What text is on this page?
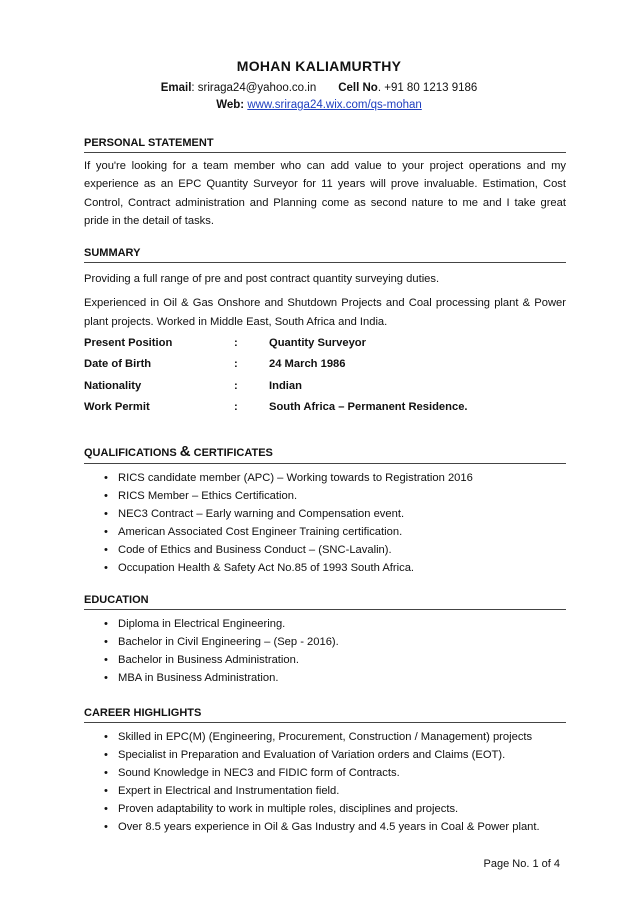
MOHAN KALIAMURTHY
Email: sriraga24@yahoo.co.in Cell No. +91 80 1213 9186
Web: www.sriraga24.wix.com/qs-mohan
PERSONAL STATEMENT
If you're looking for a team member who can add value to your project operations and my experience as an EPC Quantity Surveyor for 11 years will prove invaluable. Estimation, Cost Control, Contract administration and Planning come as second nature to me and I take great pride in the detail of tasks.
SUMMARY
Providing a full range of pre and post contract quantity surveying duties.
Experienced in Oil & Gas Onshore and Shutdown Projects and Coal processing plant & Power plant projects. Worked in Middle East, South Africa and India.
Present Position	:	Quantity Surveyor
Date of Birth	:	24 March 1986
Nationality	:	Indian
Work Permit	:	South Africa – Permanent Residence.
QUALIFICATIONS & CERTIFICATES
• RICS candidate member (APC) – Working towards to Registration 2016
• RICS Member – Ethics Certification.
• NEC3 Contract – Early warning and Compensation event.
• American Associated Cost Engineer Training certification.
• Code of Ethics and Business Conduct – (SNC-Lavalin).
• Occupation Health & Safety Act No.85 of 1993 South Africa.
EDUCATION
• Diploma in Electrical Engineering.
• Bachelor in Civil Engineering – (Sep - 2016).
• Bachelor in Business Administration.
• MBA in Business Administration.
CAREER HIGHLIGHTS
• Skilled in EPC(M) (Engineering, Procurement, Construction / Management) projects
• Specialist in Preparation and Evaluation of Variation orders and Claims (EOT).
• Sound Knowledge in NEC3 and FIDIC form of Contracts.
• Expert in Electrical and Instrumentation field.
• Proven adaptability to work in multiple roles, disciplines and projects.
• Over 8.5 years experience in Oil & Gas Industry and 4.5 years in Coal & Power plant.
Page No. 1 of 4
